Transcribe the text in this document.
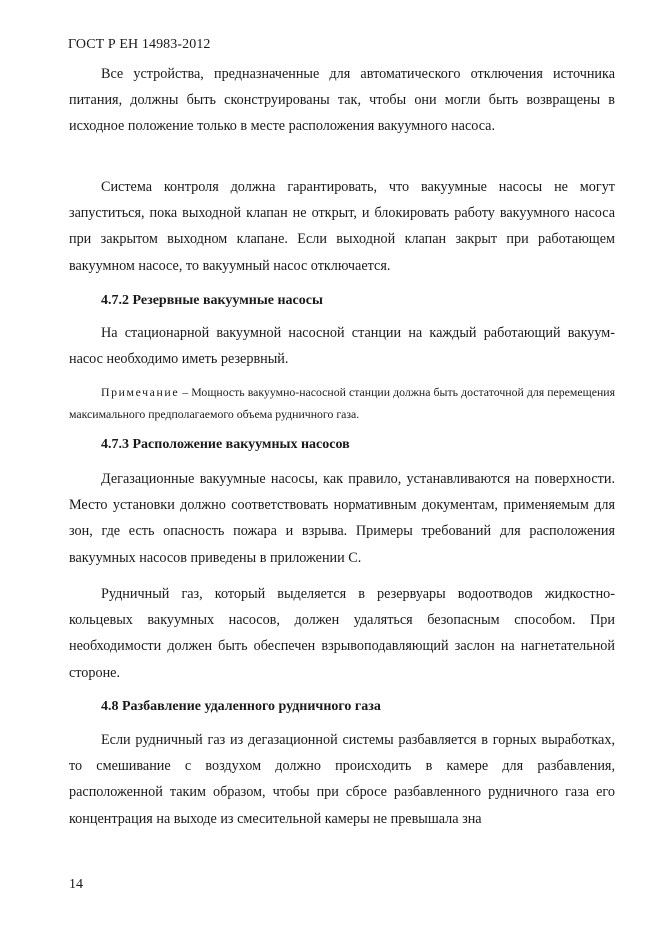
ГОСТ Р ЕН 14983-2012

Все устройства, предназначенные для автоматического отключения источника питания, должны быть сконструированы так, чтобы они могли быть возвращены в исходное положение только в месте расположения вакуумного насоса.

Система контроля должна гарантировать, что вакуумные насосы не могут запуститься, пока выходной клапан не открыт, и блокировать работу вакуумного насоса при закрытом выходном клапане. Если выходной клапан закрыт при работающем вакуумном насосе, то вакуумный насос отключается.

4.7.2 Резервные вакуумные насосы

На стационарной вакуумной насосной станции на каждый работающий вакуум-насос необходимо иметь резервный.

Примечание – Мощность вакуумно-насосной станции должна быть достаточной для перемещения максимального предполагаемого объема рудничного газа.

4.7.3 Расположение вакуумных насосов

Дегазационные вакуумные насосы, как правило, устанавливаются на поверхности. Место установки должно соответствовать нормативным документам, применяемым для зон, где есть опасность пожара и взрыва. Примеры требований для расположения вакуумных насосов приведены в приложении С.

Рудничный газ, который выделяется в резервуары водоотводов жидкостно-кольцевых вакуумных насосов, должен удаляться безопасным способом. При необходимости должен быть обеспечен взрывоподавляющий заслон на нагнетательной стороне.

4.8 Разбавление удаленного рудничного газа

Если рудничный газ из дегазационной системы разбавляется в горных выработках, то смешивание с воздухом должно происходить в камере для разбавления, расположенной таким образом, чтобы при сбросе разбавленного рудничнoго газа его концентрация на выходе из смесительной камеры не превышала зна

14
